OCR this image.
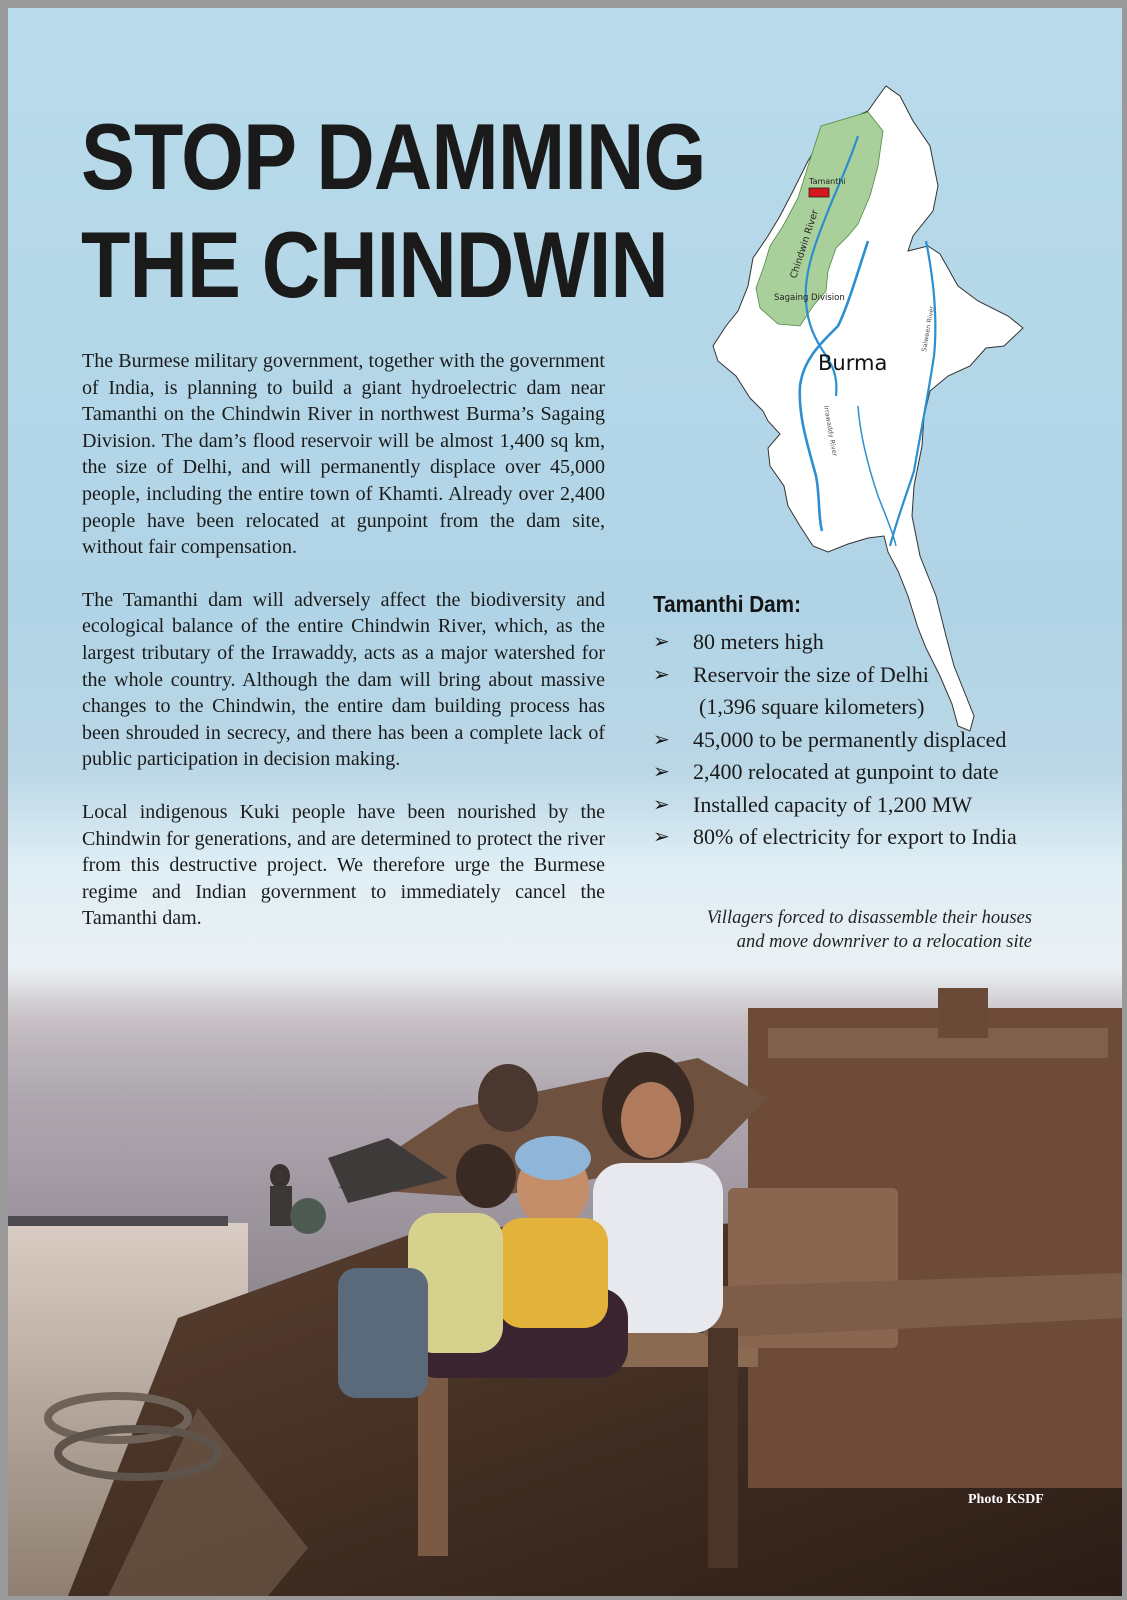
STOP DAMMING
THE CHINDWIN
Tamanthi
Chindwin River
Sagaing Division
Burma
Salween River
Irrawaddy River

The Burmese military government, together with the government of India, is planning to build a giant hydroelectric dam near Tamanthi on the Chindwin River in northwest Burma’s Sagaing Division. The dam’s flood reservoir will be almost 1,400 sq km, the size of Delhi, and will permanently displace over 45,000 people, including the entire town of Khamti. Already over 2,400 people have been relocated at gunpoint from the dam site, without fair compensation.

The Tamanthi dam will adversely affect the biodiversity and ecological balance of the entire Chindwin River, which, as the largest tributary of the Irrawaddy, acts as a major watershed for the whole country. Although the dam will bring about massive changes to the Chindwin, the entire dam building process has been shrouded in secrecy, and there has been a complete lack of public participation in decision making.

Local indigenous Kuki people have been nourished by the Chindwin for generations, and are determined to protect the river from this destructive project. We therefore urge the Burmese regime and Indian government to immediately cancel the Tamanthi dam.

Tamanthi Dam:
➢ 80 meters high
➢ Reservoir the size of Delhi
(1,396 square kilometers)
➢ 45,000 to be permanently displaced
➢ 2,400 relocated at gunpoint to date
➢ Installed capacity of 1,200 MW
➢ 80% of electricity for export to India
Villagers forced to disassemble their houses
and move downriver to a relocation site
Photo KSDF
